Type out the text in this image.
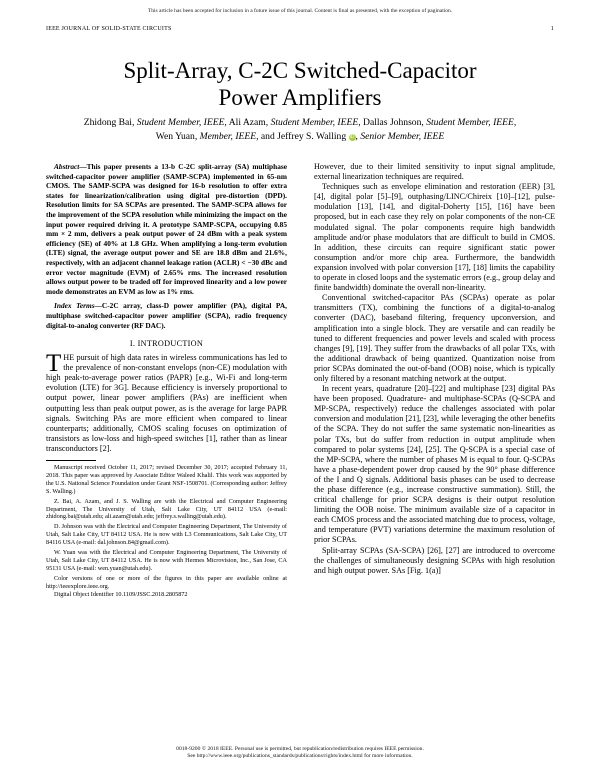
This article has been accepted for inclusion in a future issue of this journal. Content is final as presented, with the exception of pagination.
IEEE JOURNAL OF SOLID-STATE CIRCUITS	1
Split-Array, C-2C Switched-Capacitor
Power Amplifiers
Zhidong Bai, Student Member, IEEE, Ali Azam, Student Member, IEEE, Dallas Johnson, Student Member, IEEE,
Wen Yuan, Member, IEEE, and Jeffrey S. Walling iD, Senior Member, IEEE

Abstract—This paper presents a 13-b C-2C split-array (SA) multiphase switched-capacitor power amplifier (SAMP-SCPA) implemented in 65-nm CMOS. The SAMP-SCPA was designed for 16-b resolution to offer extra states for linearization/calibration using digital pre-distortion (DPD). Resolution limits for SA SCPAs are presented. The SAMP-SCPA allows for the improvement of the SCPA resolution while minimizing the impact on the input power required driving it. A prototype SAMP-SCPA, occupying 0.85 mm × 2 mm, delivers a peak output power of 24 dBm with a peak system efficiency (SE) of 40% at 1.8 GHz. When amplifying a long-term evolution (LTE) signal, the average output power and SE are 18.8 dBm and 21.6%, respectively, with an adjacent channel leakage ration (ACLR) < −30 dBc and error vector magnitude (EVM) of 2.65% rms. The increased resolution allows output power to be traded off for improved linearity and a low power mode demonstrates an EVM as low as 1% rms.

Index Terms—C-2C array, class-D power amplifier (PA), digital PA, multiphase switched-capacitor power amplifier (SCPA), radio frequency digital-to-analog converter (RF DAC).

I. INTRODUCTION

THE pursuit of high data rates in wireless communications has led to the prevalence of non-constant envelops (non-CE) modulation with high peak-to-average power ratios (PAPR) [e.g., Wi-Fi and long-term evolution (LTE) for 3G]. Because efficiency is inversely proportional to output power, linear power amplifiers (PAs) are inefficient when outputting less than peak output power, as is the average for large PAPR signals. Switching PAs are more efficient when compared to linear counterparts; additionally, CMOS scaling focuses on optimization of transistors as low-loss and high-speed switches [1], rather than as linear transconductors [2].

Manuscript received October 11, 2017; revised December 30, 2017; accepted February 11, 2018. This paper was approved by Associate Editor Waleed Khalil. This work was supported by the U.S. National Science Foundation under Grant NSF-1508701. (Corresponding author: Jeffrey S. Walling.)

Z. Bai, A. Azam, and J. S. Walling are with the Electrical and Computer Engineering Department, The University of Utah, Salt Lake City, UT 84112 USA (e-mail: zhidong.bai@utah.edu; ali.azam@utah.edu; jeffrey.s.walling@utah.edu).

D. Johnson was with the Electrical and Computer Engineering Department, The University of Utah, Salt Lake City, UT 84112 USA. He is now with L3 Communications, Salt Lake City, UT 84116 USA (e-mail: dal.johnson.84@gmail.com).

W. Yuan was with the Electrical and Computer Engineering Department, The University of Utah, Salt Lake City, UT 84112 USA. He is now with Hermes Microvision, Inc., San Jose, CA 95131 USA (e-mail: wen.yuan@utah.edu).

Color versions of one or more of the figures in this paper are available online at http://ieeexplore.ieee.org.

Digital Object Identifier 10.1109/JSSC.2018.2805872

However, due to their limited sensitivity to input signal amplitude, external linearization techniques are required.

Techniques such as envelope elimination and restoration (EER) [3], [4], digital polar [5]–[9], outphasing/LINC/Chireix [10]–[12], pulse-modulation [13], [14], and digital-Doherty [15], [16] have been proposed, but in each case they rely on polar components of the non-CE modulated signal. The polar components require high bandwidth amplitude and/or phase modulators that are difficult to build in CMOS. In addition, these circuits can require significant static power consumption and/or more chip area. Furthermore, the bandwidth expansion involved with polar conversion [17], [18] limits the capability to operate in closed loops and the systematic errors (e.g., group delay and finite bandwidth) dominate the overall non-linearity.

Conventional switched-capacitor PAs (SCPAs) operate as polar transmitters (TX), combining the functions of a digital-to-analog converter (DAC), baseband filtering, frequency upconversion, and amplification into a single block. They are versatile and can readily be tuned to different frequencies and power levels and scaled with process changes [9], [19]. They suffer from the drawbacks of all polar TXs, with the additional drawback of being quantized. Quantization noise from prior SCPAs dominated the out-of-band (OOB) noise, which is typically only filtered by a resonant matching network at the output.

In recent years, quadrature [20]–[22] and multiphase [23] digital PAs have been proposed. Quadrature- and multiphase-SCPAs (Q-SCPA and MP-SCPA, respectively) reduce the challenges associated with polar conversion and modulation [21], [23], while leveraging the other benefits of the SCPA. They do not suffer the same systematic non-linearities as polar TXs, but do suffer from reduction in output amplitude when compared to polar systems [24], [25]. The Q-SCPA is a special case of the MP-SCPA, where the number of phases M is equal to four. Q-SCPAs have a phase-dependent power drop caused by the 90° phase difference of the I and Q signals. Additional basis phases can be used to decrease the phase difference (e.g., increase constructive summation). Still, the critical challenge for prior SCPA designs is their output resolution limiting the OOB noise. The minimum available size of a capacitor in each CMOS process and the associated matching due to process, voltage, and temperature (PVT) variations determine the maximum resolution of prior SCPAs.

Split-array SCPAs (SA-SCPA) [26], [27] are introduced to overcome the challenges of simultaneously designing SCPAs with high resolution and high output power. SAs [Fig. 1(a)]

0018-9200 © 2018 IEEE. Personal use is permitted, but republication/redistribution requires IEEE permission.
See http://www.ieee.org/publications_standards/publications/rights/index.html for more information.
